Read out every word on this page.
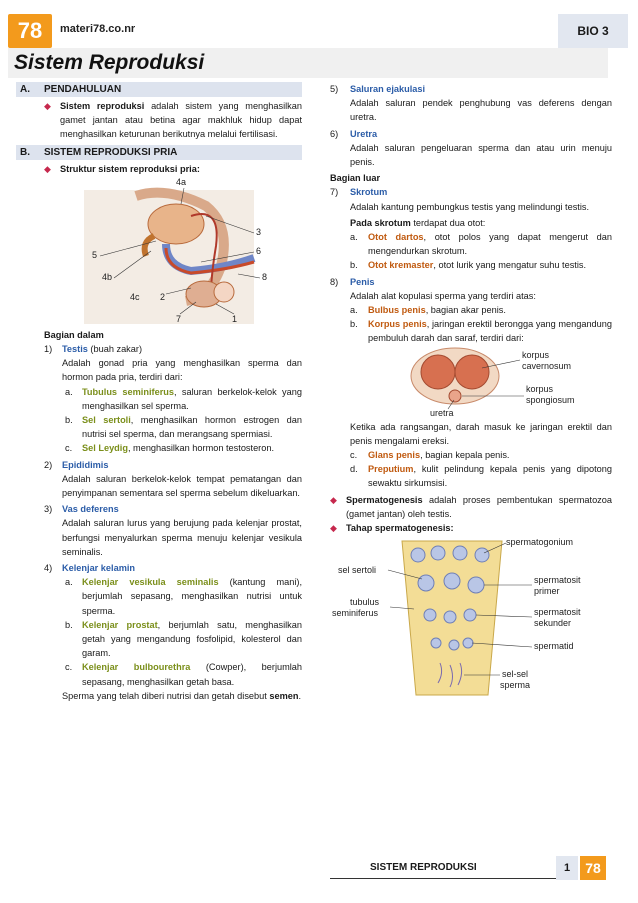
78	materi78.co.nr	BIO 3
Sistem Reproduksi
A. PENDAHULUAN
◆ Sistem reproduksi adalah sistem yang menghasilkan gamet jantan atau betina agar makhluk hidup dapat menghasilkan keturunan berikutnya melalui fertilisasi.
B. SISTEM REPRODUKSI PRIA
◆ Struktur sistem reproduksi pria:
4a
3
5	6
4b	8
4c 2
7	1
Bagian dalam
1) Testis (buah zakar)
Adalah gonad pria yang menghasilkan sperma dan hormon pada pria, terdiri dari:
a. Tubulus seminiferus, saluran berkelok-kelok yang menghasilkan sel sperma.
b. Sel sertoli, menghasilkan hormon estrogen dan nutrisi sel sperma, dan merangsang spermiasi.
c. Sel Leydig, menghasilkan hormon testosteron.
2) Epididimis
Adalah saluran berkelok-kelok tempat pematangan dan penyimpanan sementara sel sperma sebelum dikeluarkan.
3) Vas deferens
Adalah saluran lurus yang berujung pada kelenjar prostat, berfungsi menyalurkan sperma menuju kelenjar vesikula seminalis.
4) Kelenjar kelamin
a. Kelenjar vesikula seminalis (kantung mani), berjumlah sepasang, menghasilkan nutrisi untuk sperma.
b. Kelenjar prostat, berjumlah satu, menghasilkan getah yang mengandung fosfolipid, kolesterol dan garam.
c. Kelenjar bulbourethra (Cowper), berjumlah sepasang, menghasilkan getah basa.
Sperma yang telah diberi nutrisi dan getah disebut semen.
5) Saluran ejakulasi
Adalah saluran pendek penghubung vas deferens dengan uretra.
6) Uretra
Adalah saluran pengeluaran sperma dan atau urin menuju penis.
Bagian luar
7) Skrotum
Adalah kantung pembungkus testis yang melindungi testis.
Pada skrotum terdapat dua otot:
a. Otot dartos, otot polos yang dapat mengerut dan mengendurkan skrotum.
b. Otot kremaster, otot lurik yang mengatur suhu testis.
8) Penis
Adalah alat kopulasi sperma yang terdiri atas:
a. Bulbus penis, bagian akar penis.
b. Korpus penis, jaringan erektil berongga yang mengandung pembuluh darah dan saraf, terdiri dari:
korpus
cavernosum
korpus
spongiosum
uretra
Ketika ada rangsangan, darah masuk ke jaringan erektil dan penis mengalami ereksi.
c. Glans penis, bagian kepala penis.
d. Preputium, kulit pelindung kepala penis yang dipotong sewaktu sirkumsisi.
◆ Spermatogenesis adalah proses pembentukan spermatozoa (gamet jantan) oleh testis.
◆ Tahap spermatogenesis:
spermatogonium
sel sertoli
spermatosit
primer
tubulus
seminiferus	spermatosit
sekunder
spermatid
sel-sel
sperma
SISTEM REPRODUKSI	1	78
